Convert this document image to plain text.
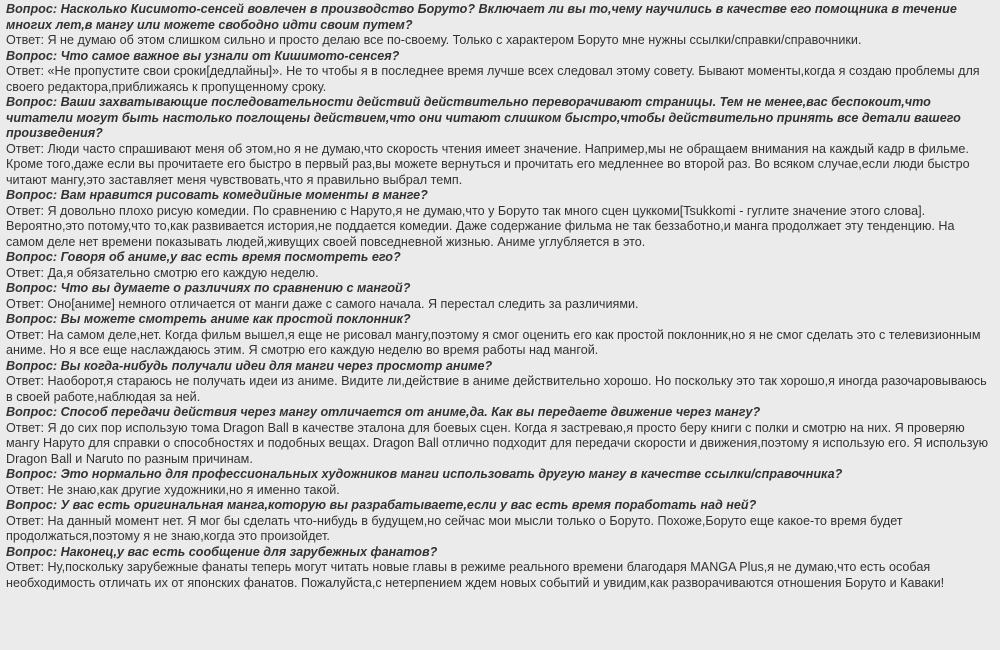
Вопрос: Насколько Кисимото-сенсей вовлечен в производство Боруто? Включает ли вы то,чему научились в качестве его помощника в течение многих лет,в мангу или можете свободно идти своим путем?

Ответ: Я не думаю об этом слишком сильно и просто делаю все по-своему. Только с характером Боруто мне нужны ссылки/справки/справочники.

Вопрос: Что самое важное вы узнали от Кишимото-сенсея?

Ответ: «Не пропустите свои сроки[дедлайны]». Не то чтобы я в последнее время лучше всех следовал этому совету. Бывают моменты,когда я создаю проблемы для своего редактора,приближаясь к пропущенному сроку.

Вопрос: Ваши захватывающие последовательности действий действительно переворачивают страницы. Тем не менее,вас беспокоит,что читатели могут быть настолько поглощены действием,что они читают слишком быстро,чтобы действительно принять все детали вашего произведения?

Ответ: Люди часто спрашивают меня об этом,но я не думаю,что скорость чтения имеет значение. Например,мы не обращаем внимания на каждый кадр в фильме. Кроме того,даже если вы прочитаете его быстро в первый раз,вы можете вернуться и прочитать его медленнее во второй раз. Во всяком случае,если люди быстро читают мангу,это заставляет меня чувствовать,что я правильно выбрал темп.

Вопрос: Вам нравится рисовать комедийные моменты в манге?

Ответ: Я довольно плохо рисую комедии. По сравнению с Наруто,я не думаю,что у Боруто так много сцен цуккоми[Tsukkomi - гуглите значение этого слова]. Вероятно,это потому,что то,как развивается история,не поддается комедии. Даже содержание фильма не так беззаботно,и манга продолжает эту тенденцию. На самом деле нет времени показывать людей,живущих своей повседневной жизнью. Аниме углубляется в это.

Вопрос: Говоря об аниме,у вас есть время посмотреть его?

Ответ: Да,я обязательно смотрю его каждую неделю.

Вопрос: Что вы думаете о различиях по сравнению с мангой?

Ответ: Оно[аниме] немного отличается от манги даже с самого начала. Я перестал следить за различиями.

Вопрос: Вы можете смотреть аниме как простой поклонник?

Ответ: На самом деле,нет. Когда фильм вышел,я еще не рисовал мангу,поэтому я смог оценить его как простой поклонник,но я не смог сделать это с телевизионным аниме. Но я все еще наслаждаюсь этим. Я смотрю его каждую неделю во время работы над мангой.

Вопрос: Вы когда-нибудь получали идеи для манги через просмотр аниме?

Ответ: Наоборот,я стараюсь не получать идеи из аниме. Видите ли,действие в аниме действительно хорошо. Но поскольку это так хорошо,я иногда разочаровываюсь в своей работе,наблюдая за ней.

Вопрос: Способ передачи действия через мангу отличается от аниме,да. Как вы передаете движение через мангу?

Ответ: Я до сих пор использую тома Dragon Ball в качестве эталона для боевых сцен. Когда я застреваю,я просто беру книги с полки и смотрю на них. Я проверяю мангу Наруто для справки о способностях и подобных вещах. Dragon Ball отлично подходит для передачи скорости и движения,поэтому я использую его. Я использую Dragon Ball и Naruto по разным причинам.

Вопрос: Это нормально для профессиональных художников манги использовать другую мангу в качестве ссылки/справочника?

Ответ: Не знаю,как другие художники,но я именно такой.

Вопрос: У вас есть оригинальная манга,которую вы разрабатываете,если у вас есть время поработать над ней?

Ответ: На данный момент нет. Я мог бы сделать что-нибудь в будущем,но сейчас мои мысли только о Боруто. Похоже,Боруто еще какое-то время будет продолжаться,поэтому я не знаю,когда это произойдет.

Вопрос: Наконец,у вас есть сообщение для зарубежных фанатов?

Ответ: Ну,поскольку зарубежные фанаты теперь могут читать новые главы в режиме реального времени благодаря MANGA Plus,я не думаю,что есть особая необходимость отличать их от японских фанатов. Пожалуйста,с нетерпением ждем новых событий и увидим,как разворачиваются отношения Боруто и Каваки!
